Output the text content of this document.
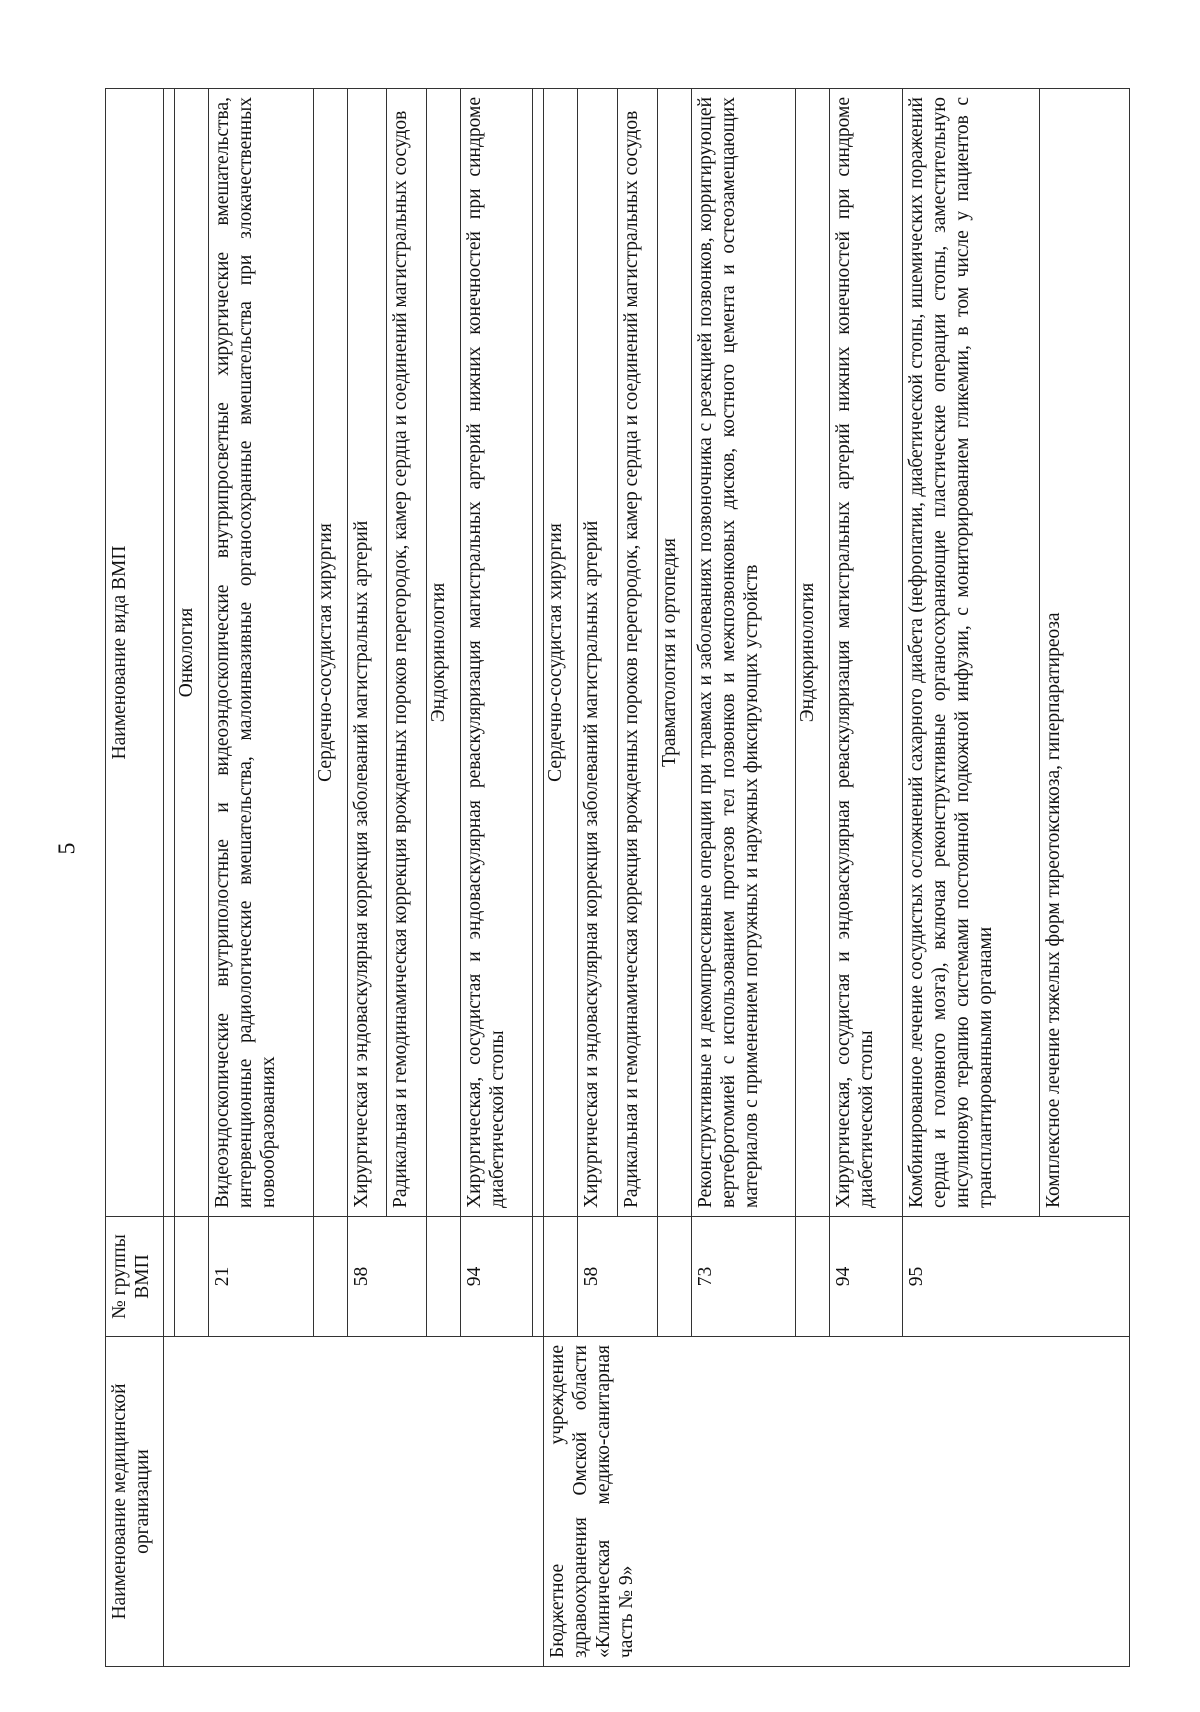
5
Наименование медицинской организации	№ группы ВМП	Наименование вида ВМП

		Онкология
	21	Видеоэндоскопические внутриполостные и видеоэндоскопические внутрипросветные хирургические вмешательства, интервенционные радиологические вмешательства, малоинвазивные органосохранные вмешательства при злокачественных новообразованиях
		Сердечно-сосудистая хирургия
	58	Хирургическая и эндоваскулярная коррекция заболеваний магистральных артерий
		Радикальная и гемодинамическая коррекция врожденных пороков перегородок, камер сердца и соединений магистральных сосудов
		Эндокринология
	94	Хирургическая, сосудистая и эндоваскулярная реваскуляризация магистральных артерий нижних конечностей при синдроме диабетической стопы

Бюджетное учреждение здравоохранения Омской области «Клиническая медико-санитарная часть № 9»		Сердечно-сосудистая хирургия
	58	Хирургическая и эндоваскулярная коррекция заболеваний магистральных артерий
		Радикальная и гемодинамическая коррекция врожденных пороков перегородок, камер сердца и соединений магистральных сосудов
		Травматология и ортопедия
	73	Реконструктивные и декомпрессивные операции при травмах и заболеваниях позвоночника с резекцией позвонков, корригирующей вертебротомией с использованием протезов тел позвонков и межпозвонковых дисков, костного цемента и остеозамещающих материалов с применением погружных и наружных фиксирующих устройств
		Эндокринология
	94	Хирургическая, сосудистая и эндоваскулярная реваскуляризация магистральных артерий нижних конечностей при синдроме диабетической стопы
	95	Комбинированное лечение сосудистых осложнений сахарного диабета (нефропатии, диабетической стопы, ишемических поражений сердца и головного мозга), включая реконструктивные органосохраняющие пластические операции стопы, заместительную инсулиновую терапию системами постоянной подкожной инфузии, с мониторированием гликемии, в том числе у пациентов с трансплантированными органами
		Комплексное лечение тяжелых форм тиреотоксикоза, гиперпаратиреоза
